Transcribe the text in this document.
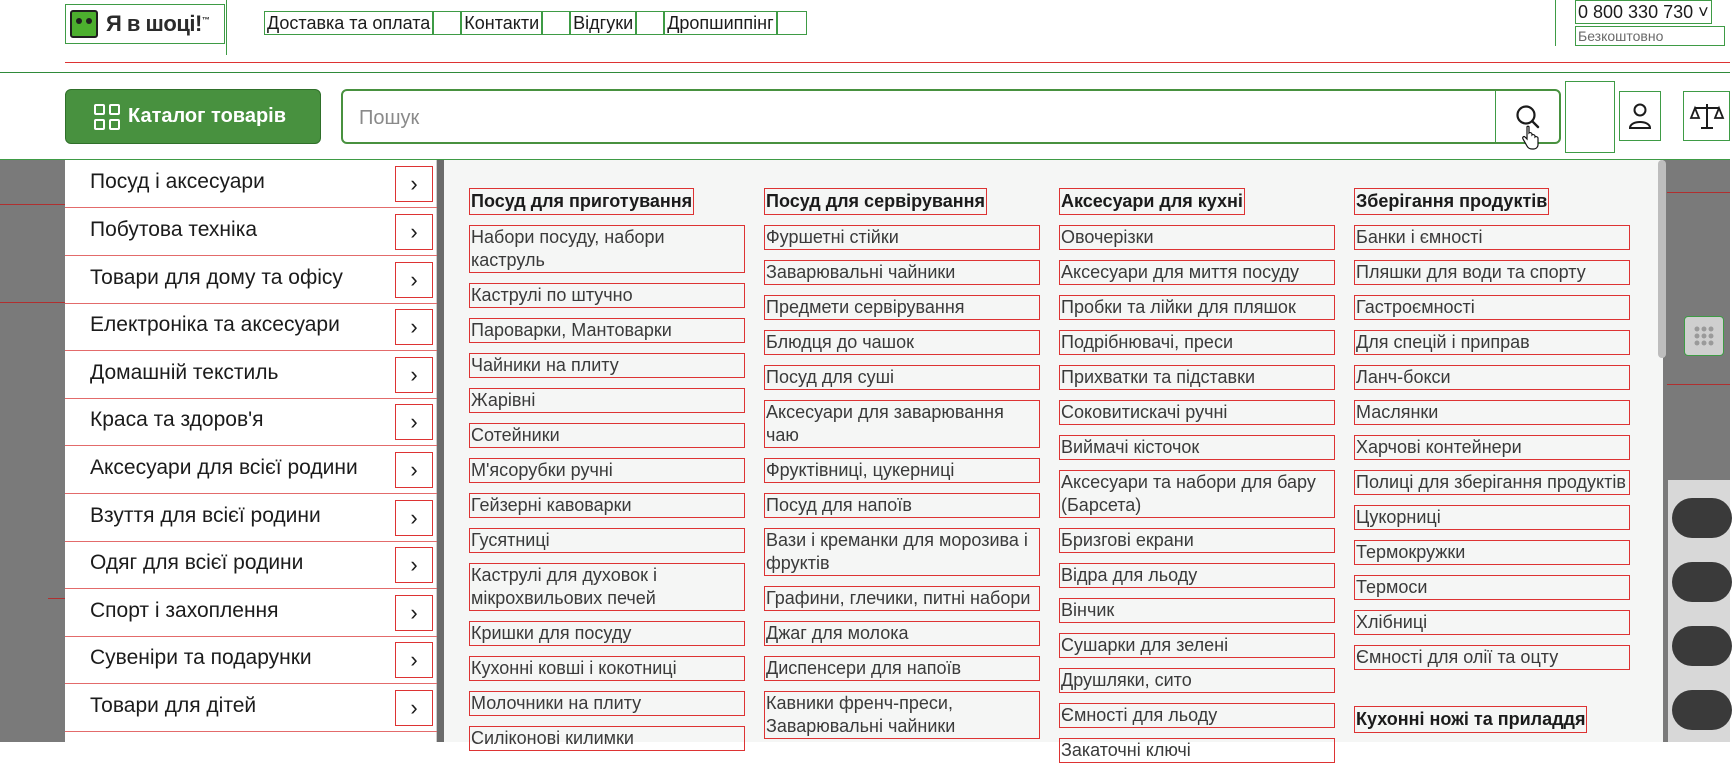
Я в шоці!™	Доставка та оплата Контакти Відгуки Дропшиппінг
0 800 330 730 ˅
Безкоштовно
Каталог товарів
Пошук
Посуд і аксесуари	›
Побутова техніка	›
Товари для дому та офісу	›
Електроніка та аксесуари	›
Домашній текстиль	›
Краса та здоров'я	›
Аксесуари для всієї родини	›
Взуття для всієї родини	›
Одяг для всієї родини	›
Спорт і захоплення	›
Сувеніри та подарунки	›
Товари для дітей	›
Посуд для приготування
Набори посуду, набори каструль
Каструлі по штучно
Пароварки, Мантоварки
Чайники на плиту
Жарівні
Сотейники
М'ясорубки ручні
Гейзерні кавоварки
Гусятниці
Каструлі для духовок і мікрохвильових печей
Кришки для посуду
Кухонні ковші і кокотниці
Молочники на плиту
Силіконові килимки
Посуд для сервірування
Фуршетні стійки
Заварювальні чайники
Предмети сервірування
Блюдця до чашок
Посуд для суші
Аксесуари для заварювання чаю
Фруктівниці, цукерниці
Посуд для напоїв
Вази і креманки для морозива і фруктів
Графини, глечики, питні набори
Джаг для молока
Диспенсери для напоїв
Кавники френч-преси, Заварювальні чайники
Аксесуари для кухні
Овочерізки
Аксесуари для миття посуду
Пробки та лійки для пляшок
Подрібнювачі, преси
Прихватки та підставки
Соковитискачі ручні
Виймачі кісточок
Аксесуари та набори для бару (Барсета)
Бризгові екрани
Відра для льоду
Вінчик
Сушарки для зелені
Друшляки, сито
Ємності для льоду
Закаточні ключі
Зберігання продуктів
Банки і ємності
Пляшки для води та спорту
Гастроємності
Для спецій і приправ
Ланч-бокси
Маслянки
Харчові контейнери
Полиці для зберігання продуктів
Цукорниці
Термокружки
Термоси
Хлібниці
Ємності для олії та оцту
Кухонні ножі та приладдя
